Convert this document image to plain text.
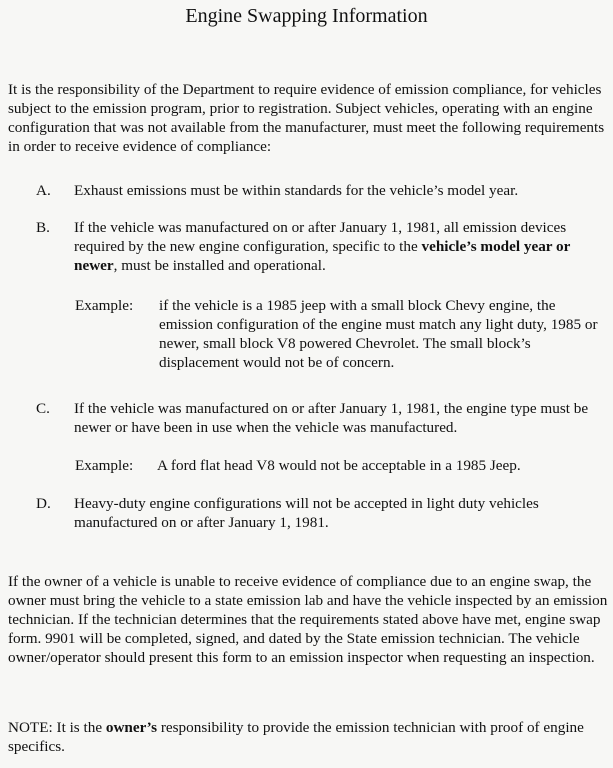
Engine Swapping Information
It is the responsibility of the Department to require evidence of emission compliance, for vehicles subject to the emission program, prior to registration. Subject vehicles, operating with an engine configuration that was not available from the manufacturer, must meet the following requirements in order to receive evidence of compliance:
A.	Exhaust emissions must be within standards for the vehicle’s model year.
B.	If the vehicle was manufactured on or after January 1, 1981, all emission devices required by the new engine configuration, specific to the vehicle’s model year or newer, must be installed and operational.
Example: if the vehicle is a 1985 jeep with a small block Chevy engine, the emission configuration of the engine must match any light duty, 1985 or newer, small block V8 powered Chevrolet. The small block’s displacement would not be of concern.
C.	If the vehicle was manufactured on or after January 1, 1981, the engine type must be newer or have been in use when the vehicle was manufactured.
Example: A ford flat head V8 would not be acceptable in a 1985 Jeep.
D.	Heavy-duty engine configurations will not be accepted in light duty vehicles manufactured on or after January 1, 1981.
If the owner of a vehicle is unable to receive evidence of compliance due to an engine swap, the owner must bring the vehicle to a state emission lab and have the vehicle inspected by an emission technician. If the technician determines that the requirements stated above have met, engine swap form. 9901 will be completed, signed, and dated by the State emission technician. The vehicle owner/operator should present this form to an emission inspector when requesting an inspection.
NOTE: It is the owner’s responsibility to provide the emission technician with proof of engine specifics.
